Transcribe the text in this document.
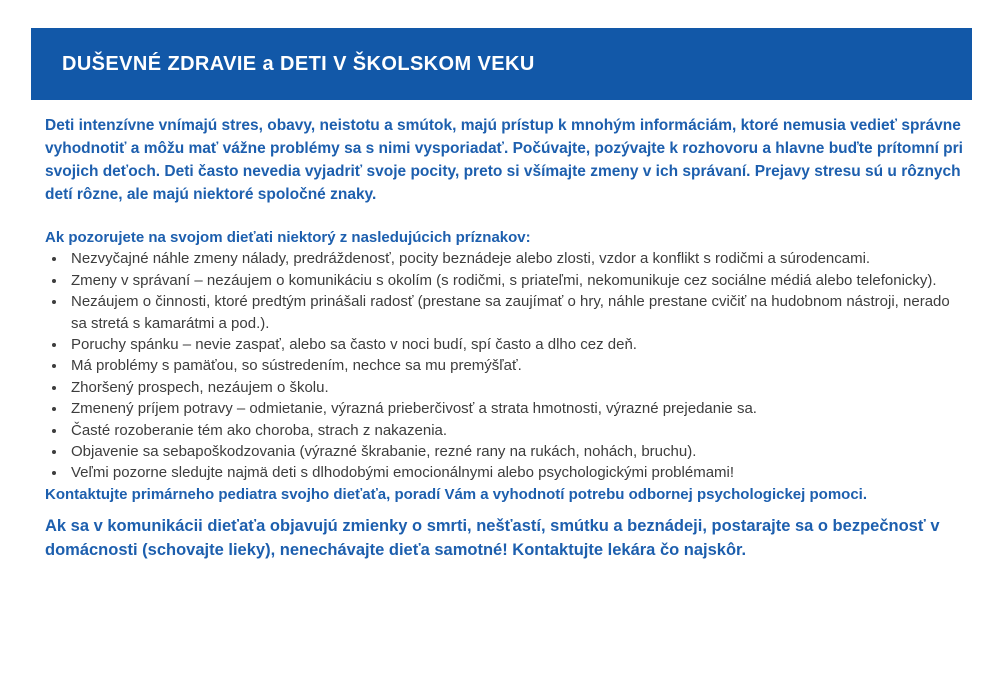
DUŠEVNÉ ZDRAVIE a DETI V ŠKOLSKOM VEKU

Deti intenzívne vnímajú stres, obavy, neistotu a smútok, majú prístup k mnohým informáciám, ktoré nemusia vedieť správne vyhodnotiť a môžu mať vážne problémy sa s nimi vysporiadať. Počúvajte, pozývajte k rozhovoru a hlavne buďte prítomní pri svojich deťoch. Deti často nevedia vyjadriť svoje pocity, preto si všímajte zmeny v ich správaní. Prejavy stresu sú u rôznych detí rôzne, ale majú niektoré spoločné znaky.

Ak pozorujete na svojom dieťati niektorý z nasledujúcich príznakov:

• Nezvyčajné náhle zmeny nálady, predráždenosť, pocity beznádeje alebo zlosti, vzdor a konflikt s rodičmi a súrodencami.
• Zmeny v správaní – nezáujem o komunikáciu s okolím (s rodičmi, s priateľmi, nekomunikuje cez sociálne médiá alebo telefonicky).
• Nezáujem o činnosti, ktoré predtým prinášali radosť (prestane sa zaujímať o hry, náhle prestane cvičiť na hudobnom nástroji, nerado sa stretá s kamarátmi a pod.).
• Poruchy spánku – nevie zaspať, alebo sa často v noci budí, spí často a dlho cez deň.
• Má problémy s pamäťou, so sústredením, nechce sa mu premýšľať.
• Zhoršený prospech, nezáujem o školu.
• Zmenený príjem potravy – odmietanie, výrazná prieberčivosť a strata hmotnosti, výrazné prejedanie sa.
• Časté rozoberanie tém ako choroba, strach z nakazenia.
• Objavenie sa sebapoškodzovania (výrazné škrabanie, rezné rany na rukách, nohách, bruchu).
• Veľmi pozorne sledujte najmä deti s dlhodobými emocionálnymi alebo psychologickými problémami!

Kontaktujte primárneho pediatra svojho dieťaťa, poradí Vám a vyhodnotí potrebu odbornej psychologickej pomoci.

Ak sa v komunikácii dieťaťa objavujú zmienky o smrti, nešťastí, smútku a beznádeji, postarajte sa o bezpečnosť v domácnosti (schovajte lieky), nenechávajte dieťa samotné! Kontaktujte lekára čo najskôr.
